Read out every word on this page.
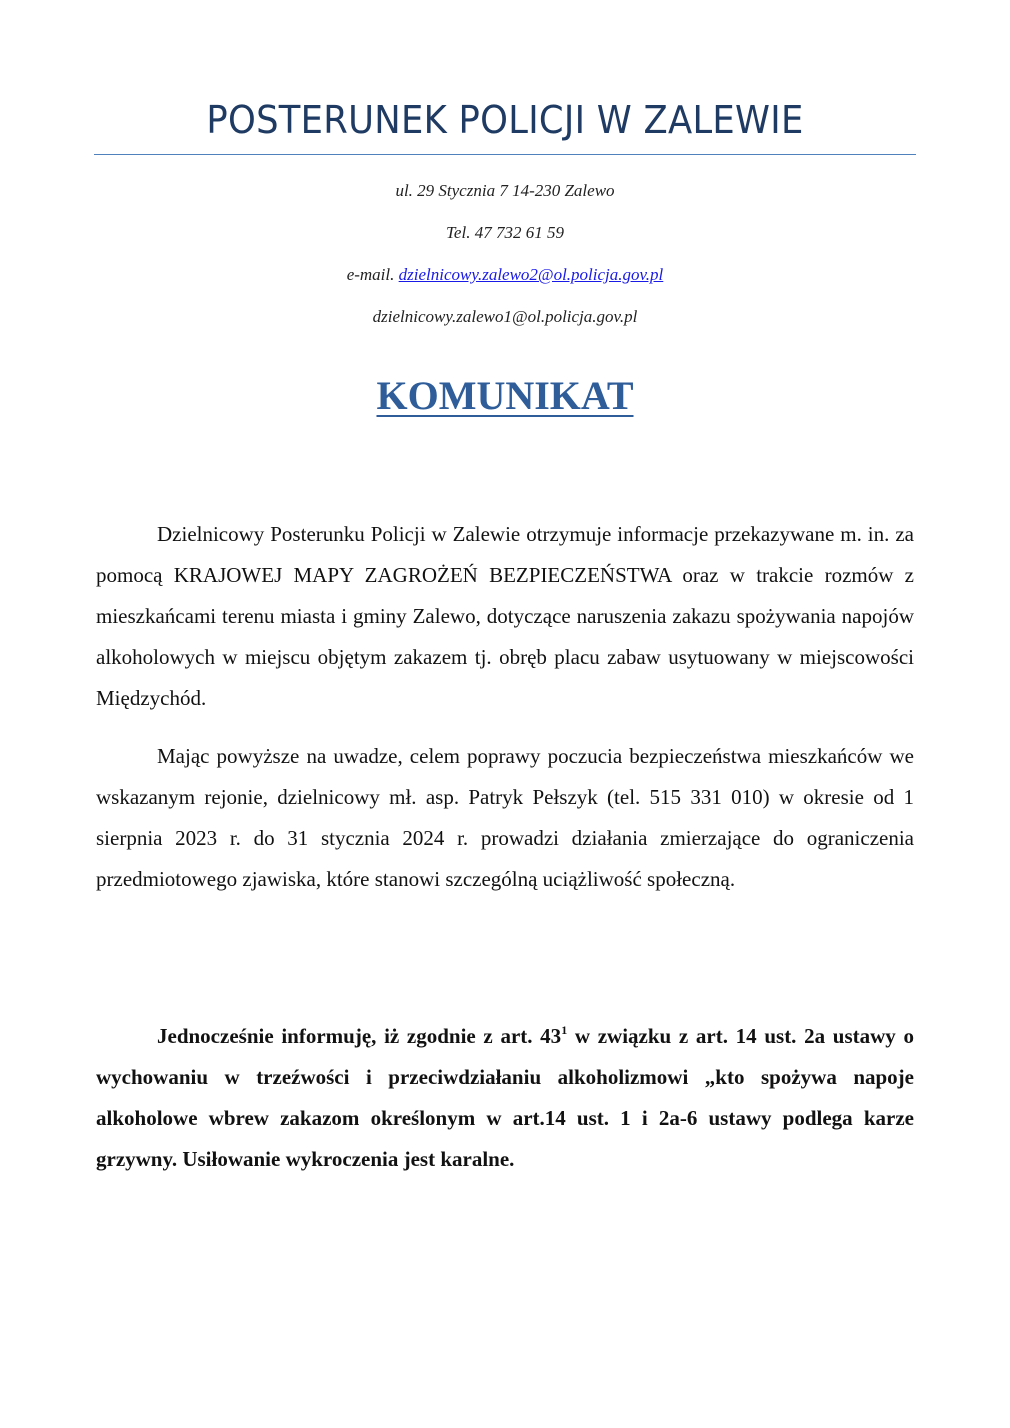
POSTERUNEK POLICJI W ZALEWIE
ul. 29 Stycznia 7 14-230 Zalewo
Tel. 47 732 61 59
e-mail. dzielnicowy.zalewo2@ol.policja.gov.pl
dzielnicowy.zalewo1@ol.policja.gov.pl
KOMUNIKAT

Dzielnicowy Posterunku Policji w Zalewie otrzymuje informacje przekazywane m. in. za pomocą KRAJOWEJ MAPY ZAGROŻEŃ BEZPIECZEŃSTWA oraz w trakcie rozmów z mieszkańcami terenu miasta i gminy Zalewo, dotyczące naruszenia zakazu spożywania napojów alkoholowych w miejscu objętym zakazem tj. obręb placu zabaw usytuowany w miejscowości Międzychód.

Mając powyższe na uwadze, celem poprawy poczucia bezpieczeństwa mieszkańców we wskazanym rejonie, dzielnicowy mł. asp. Patryk Pełszyk (tel. 515 331 010) w okresie od 1 sierpnia 2023 r. do 31 stycznia 2024 r. prowadzi działania zmierzające do ograniczenia przedmiotowego zjawiska, które stanowi szczególną uciążliwość społeczną.

Jednocześnie informuję, iż zgodnie z art. $43^1$ w związku z art. 14 ust. 2a ustawy o wychowaniu w trzeźwości i przeciwdziałaniu alkoholizmowi „kto spożywa napoje alkoholowe wbrew zakazom określonym w art.14 ust. 1 i 2a-6 ustawy podlega karze grzywny. Usiłowanie wykroczenia jest karalne.
